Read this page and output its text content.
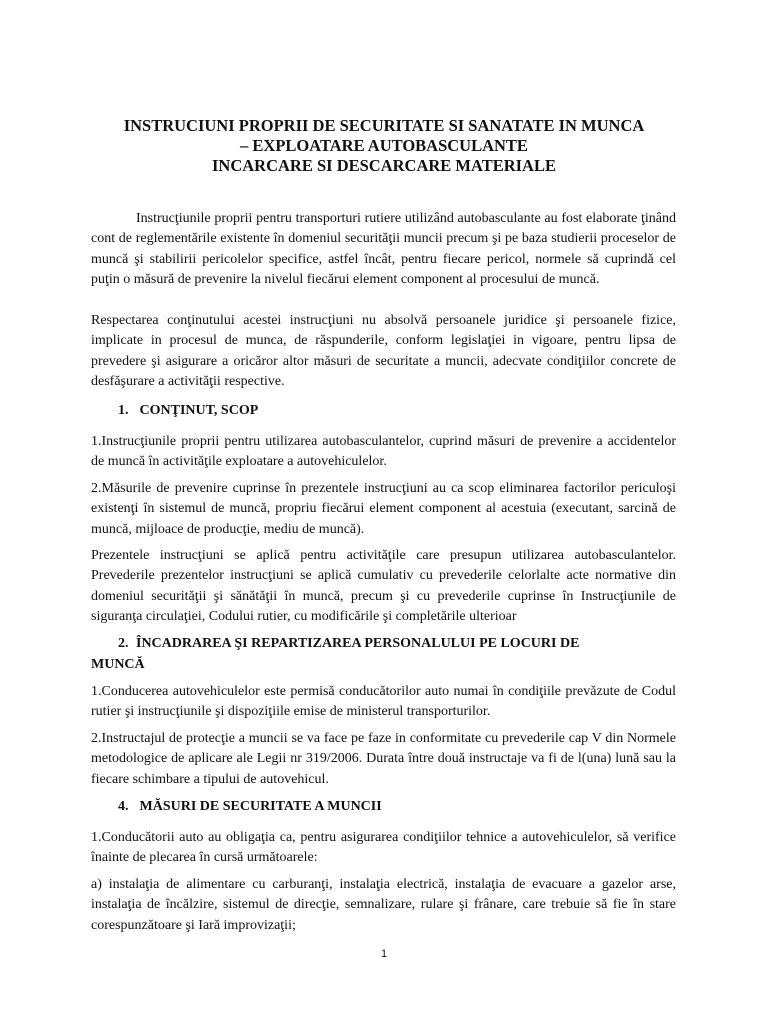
INSTRUCIUNI PROPRII DE SECURITATE SI SANATATE IN MUNCA
– EXPLOATARE AUTOBASCULANTE
INCARCARE SI DESCARCARE MATERIALE

Instrucţiunile proprii pentru transporturi rutiere utilizând autobasculante au fost elaborate ţinând cont de reglementările existente în domeniul securităţii muncii precum şi pe baza studierii proceselor de muncă şi stabilirii pericolelor specifice, astfel încât, pentru fiecare pericol, normele să cuprindă cel puţin o măsură de prevenire la nivelul fiecărui element component al procesului de muncă.

Respectarea conţinutului acestei instrucţiuni nu absolvă persoanele juridice şi persoanele fizice, implicate in procesul de munca, de răspunderile, conform legislaţiei in vigoare, pentru lipsa de prevedere şi asigurare a oricăror altor măsuri de securitate a muncii, adecvate condiţiilor concrete de desfăşurare a activităţii respective.

1. CONŢINUT, SCOP

1.Instrucţiunile proprii pentru utilizarea autobasculantelor, cuprind măsuri de prevenire a accidentelor de muncă în activităţile exploatare a autovehiculelor.

2.Măsurile de prevenire cuprinse în prezentele instrucţiuni au ca scop eliminarea factorilor periculoşi existenţi în sistemul de muncă, propriu fiecărui element component al acestuia (executant, sarcină de muncă, mijloace de producţie, mediu de muncă).

Prezentele instrucţiuni se aplică pentru activităţile care presupun utilizarea autobasculantelor. Prevederile prezentelor instrucţiuni se aplică cumulativ cu prevederile celorlalte acte normative din domeniul securităţii şi sănătăţii în muncă, precum şi cu prevederile cuprinse în Instrucţiunile de siguranţa circulaţiei, Codului rutier, cu modificările şi completările ulterioar

2. ÎNCADRAREA ŞI REPARTIZAREA PERSONALULUI PE LOCURI DE
MUNCĂ

1.Conducerea autovehiculelor este permisă conducătorilor auto numai în condiţiile prevăzute de Codul rutier şi instrucţiunile şi dispoziţiile emise de ministerul transporturilor.

2.Instructajul de protecţie a muncii se va face pe faze in conformitate cu prevederile cap V din Normele metodologice de aplicare ale Legii nr 319/2006. Durata între două instructaje va fi de l(una) lună sau la fiecare schimbare a tipului de autovehicul.

4. MĂSURI DE SECURITATE A MUNCII

1.Conducătorii auto au obligaţia ca, pentru asigurarea condiţiilor tehnice a autovehiculelor, să verifice înainte de plecarea în cursă următoarele:

a) instalaţia de alimentare cu carburanţi, instalaţia electrică, instalaţia de evacuare a gazelor arse, instalaţia de încălzire, sistemul de direcţie, semnalizare, rulare şi frânare, care trebuie să fie în stare corespunzătoare şi Iară improvizaţii;

1
